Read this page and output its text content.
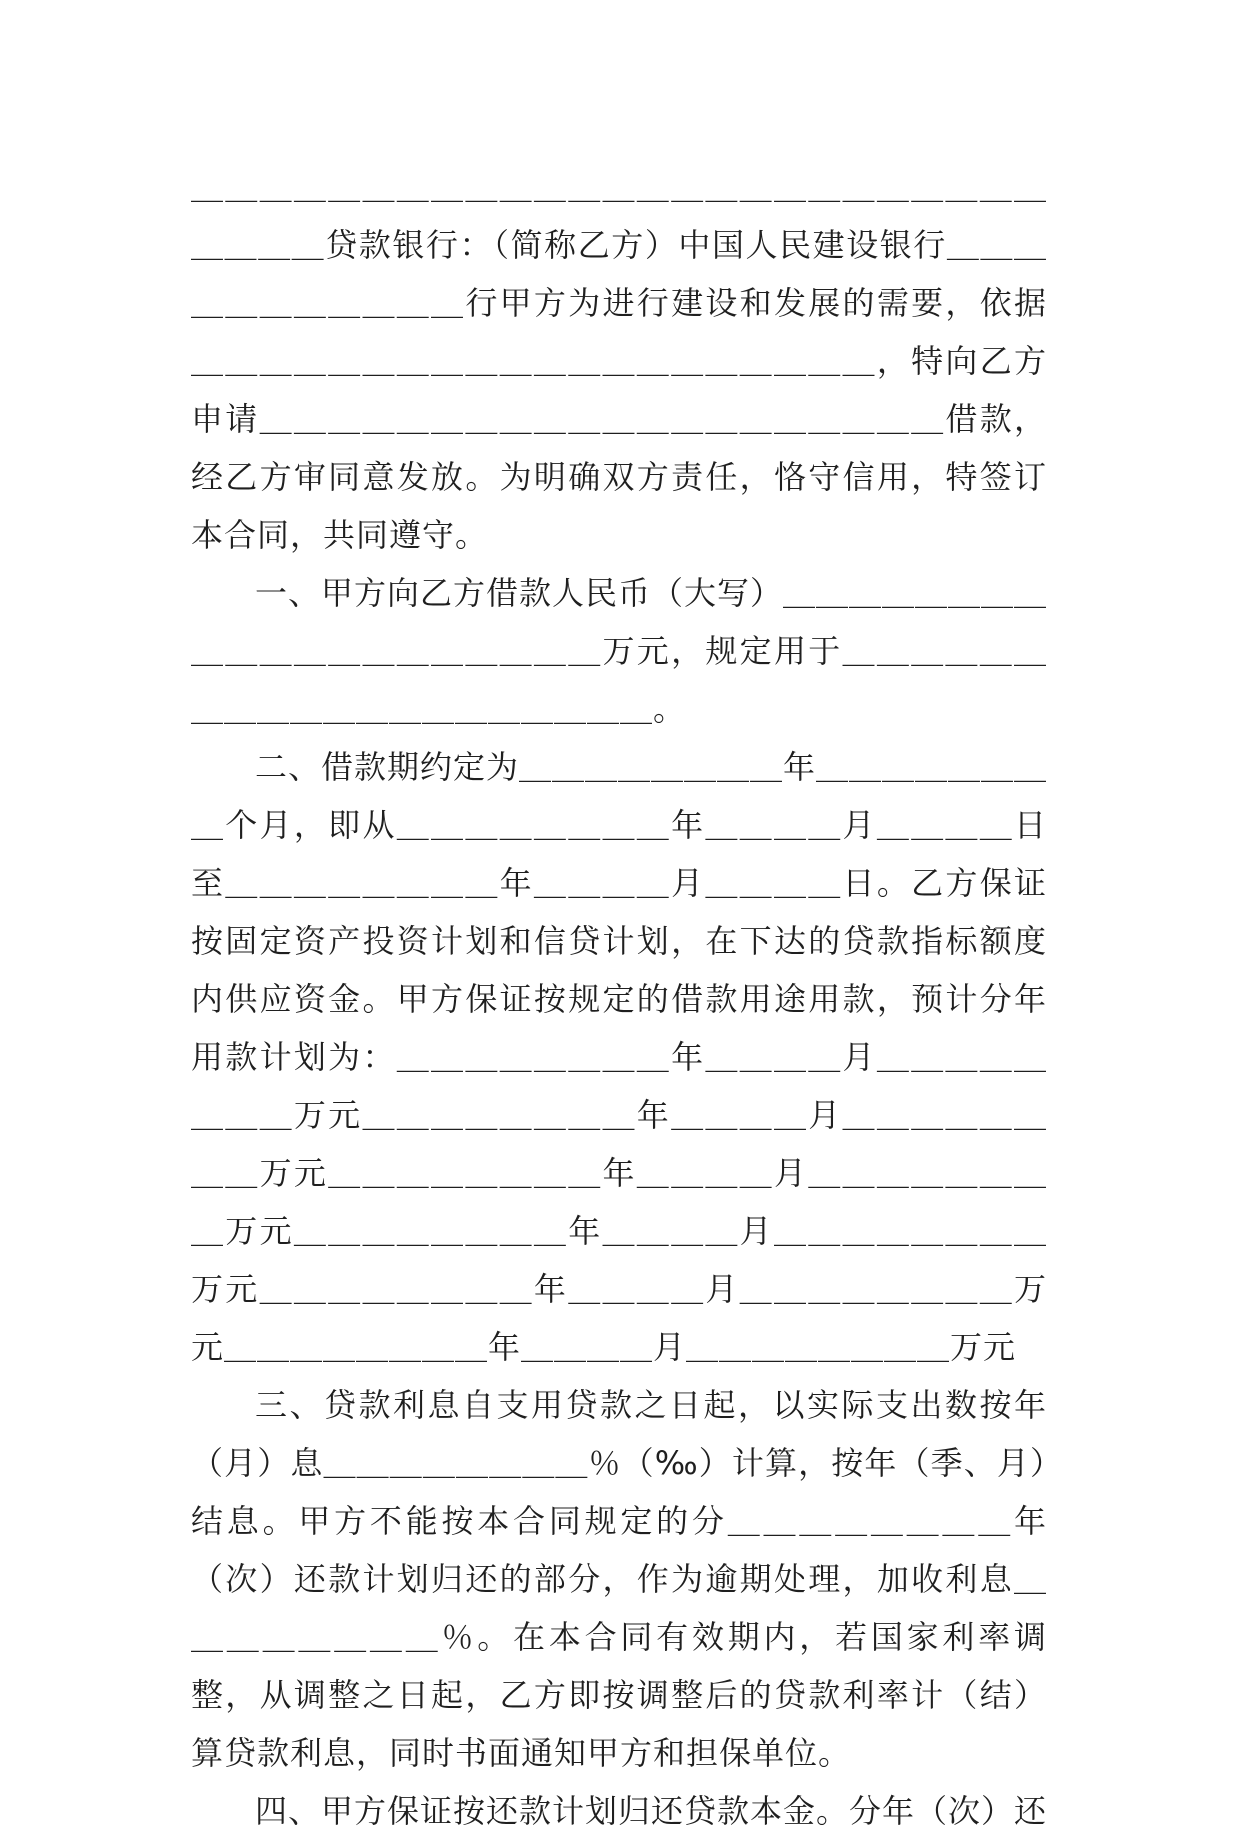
＿＿＿＿＿＿＿＿＿＿＿＿＿＿＿＿＿＿＿＿＿＿＿＿＿＿＿＿＿贷款银行：（简称乙方）中国人民建设银行＿＿＿＿＿＿＿＿＿＿＿行甲方为进行建设和发展的需要，依据＿＿＿＿＿＿＿＿＿＿＿＿＿＿＿＿＿＿＿＿，特向乙方申请＿＿＿＿＿＿＿＿＿＿＿＿＿＿＿＿＿＿＿＿借款，经乙方审同意发放。为明确双方责任，恪守信用，特签订本合同，共同遵守。

一、甲方向乙方借款人民币（大写）＿＿＿＿＿＿＿＿＿＿＿＿＿＿＿＿＿＿＿＿万元，规定用于＿＿＿＿＿＿＿＿＿＿＿＿＿＿＿＿＿＿＿＿。

二、借款期约定为＿＿＿＿＿＿＿＿年＿＿＿＿＿＿＿＿个月，即从＿＿＿＿＿＿＿＿年＿＿＿＿月＿＿＿＿日至＿＿＿＿＿＿＿＿年＿＿＿＿月＿＿＿＿日。乙方保证按固定资产投资计划和信贷计划，在下达的贷款指标额度内供应资金。甲方保证按规定的借款用途用款，预计分年用款计划为：＿＿＿＿＿＿＿＿年＿＿＿＿月＿＿＿＿＿＿＿＿万元＿＿＿＿＿＿＿＿年＿＿＿＿月＿＿＿＿＿＿＿＿万元＿＿＿＿＿＿＿＿年＿＿＿＿月＿＿＿＿＿＿＿＿万元＿＿＿＿＿＿＿＿年＿＿＿＿月＿＿＿＿＿＿＿＿万元＿＿＿＿＿＿＿＿年＿＿＿＿月＿＿＿＿＿＿＿＿万元＿＿＿＿＿＿＿＿年＿＿＿＿月＿＿＿＿＿＿＿＿万元

三、贷款利息自支用贷款之日起，以实际支出数按年（月）息＿＿＿＿＿＿＿＿％（‰）计算，按年（季、月）结息。甲方不能按本合同规定的分＿＿＿＿＿＿＿＿年（次）还款计划归还的部分，作为逾期处理，加收利息＿＿＿＿＿＿＿＿％。在本合同有效期内，若国家利率调整，从调整之日起，乙方即按调整后的贷款利率计（结）算贷款利息，同时书面通知甲方和担保单位。

四、甲方保证按还款计划归还贷款本金。分年（次）还
